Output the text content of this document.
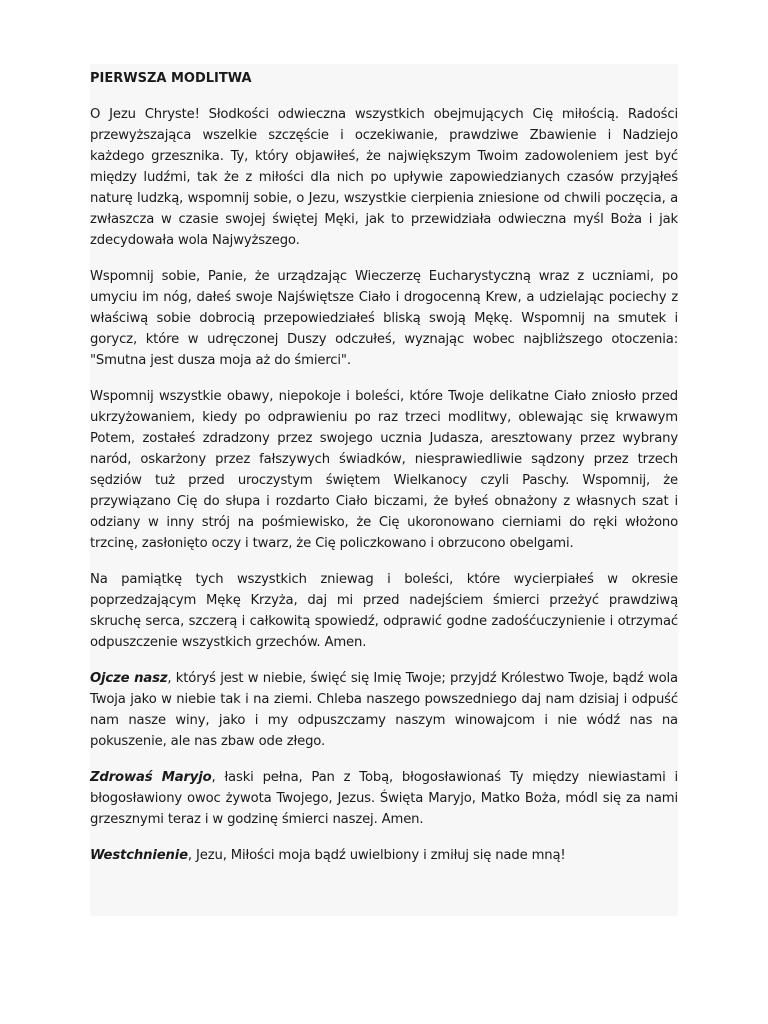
PIERWSZA MODLITWA

O Jezu Chryste! Słodkości odwieczna wszystkich obejmujących Cię miłością. Radości przewyższająca wszelkie szczęście i oczekiwanie, prawdziwe Zbawienie i Nadziejo każdego grzesznika. Ty, który objawiłeś, że największym Twoim zadowoleniem jest być między ludźmi, tak że z miłości dla nich po upływie zapowiedzianych czasów przyjąłeś naturę ludzką, wspomnij sobie, o Jezu, wszystkie cierpienia zniesione od chwili poczęcia, a zwłaszcza w czasie swojej świętej Męki, jak to przewidziała odwieczna myśl Boża i jak zdecydowała wola Najwyższego.

Wspomnij sobie, Panie, że urządzając Wieczerzę Eucharystyczną wraz z uczniami, po umyciu im nóg, dałeś swoje Najświętsze Ciało i drogocenną Krew, a udzielając pociechy z właściwą sobie dobrocią przepowiedziałeś bliską swoją Mękę. Wspomnij na smutek i gorycz, które w udręczonej Duszy odczułeś, wyznając wobec najbliższego otoczenia: "Smutna jest dusza moja aż do śmierci".

Wspomnij wszystkie obawy, niepokoje i boleści, które Twoje delikatne Ciało zniosło przed ukrzyżowaniem, kiedy po odprawieniu po raz trzeci modlitwy, oblewając się krwawym Potem, zostałeś zdradzony przez swojego ucznia Judasza, aresztowany przez wybrany naród, oskarżony przez fałszywych świadków, niesprawiedliwie sądzony przez trzech sędziów tuż przed uroczystym świętem Wielkanocy czyli Paschy. Wspomnij, że przywiązano Cię do słupa i rozdarto Ciało biczami, że byłeś obnażony z własnych szat i odziany w inny strój na pośmiewisko, że Cię ukoronowano cierniami do ręki włożono trzcinę, zasłonięto oczy i twarz, że Cię policzkowano i obrzucono obelgami.

Na pamiątkę tych wszystkich zniewag i boleści, które wycierpiałeś w okresie poprzedzającym Mękę Krzyża, daj mi przed nadejściem śmierci przeżyć prawdziwą skruchę serca, szczerą i całkowitą spowiedź, odprawić godne zadośćuczynienie i otrzymać odpuszczenie wszystkich grzechów. Amen.

Ojcze nasz, któryś jest w niebie, święć się Imię Twoje; przyjdź Królestwo Twoje, bądź wola Twoja jako w niebie tak i na ziemi. Chleba naszego powszedniego daj nam dzisiaj i odpuść nam nasze winy, jako i my odpuszczamy naszym winowajcom i nie wódź nas na pokuszenie, ale nas zbaw ode złego.

Zdrowaś Maryjo, łaski pełna, Pan z Tobą, błogosławionaś Ty między niewiastami i błogosławiony owoc żywota Twojego, Jezus. Święta Maryjo, Matko Boża, módl się za nami grzesznymi teraz i w godzinę śmierci naszej. Amen.

Westchnienie, Jezu, Miłości moja bądź uwielbiony i zmiłuj się nade mną!
